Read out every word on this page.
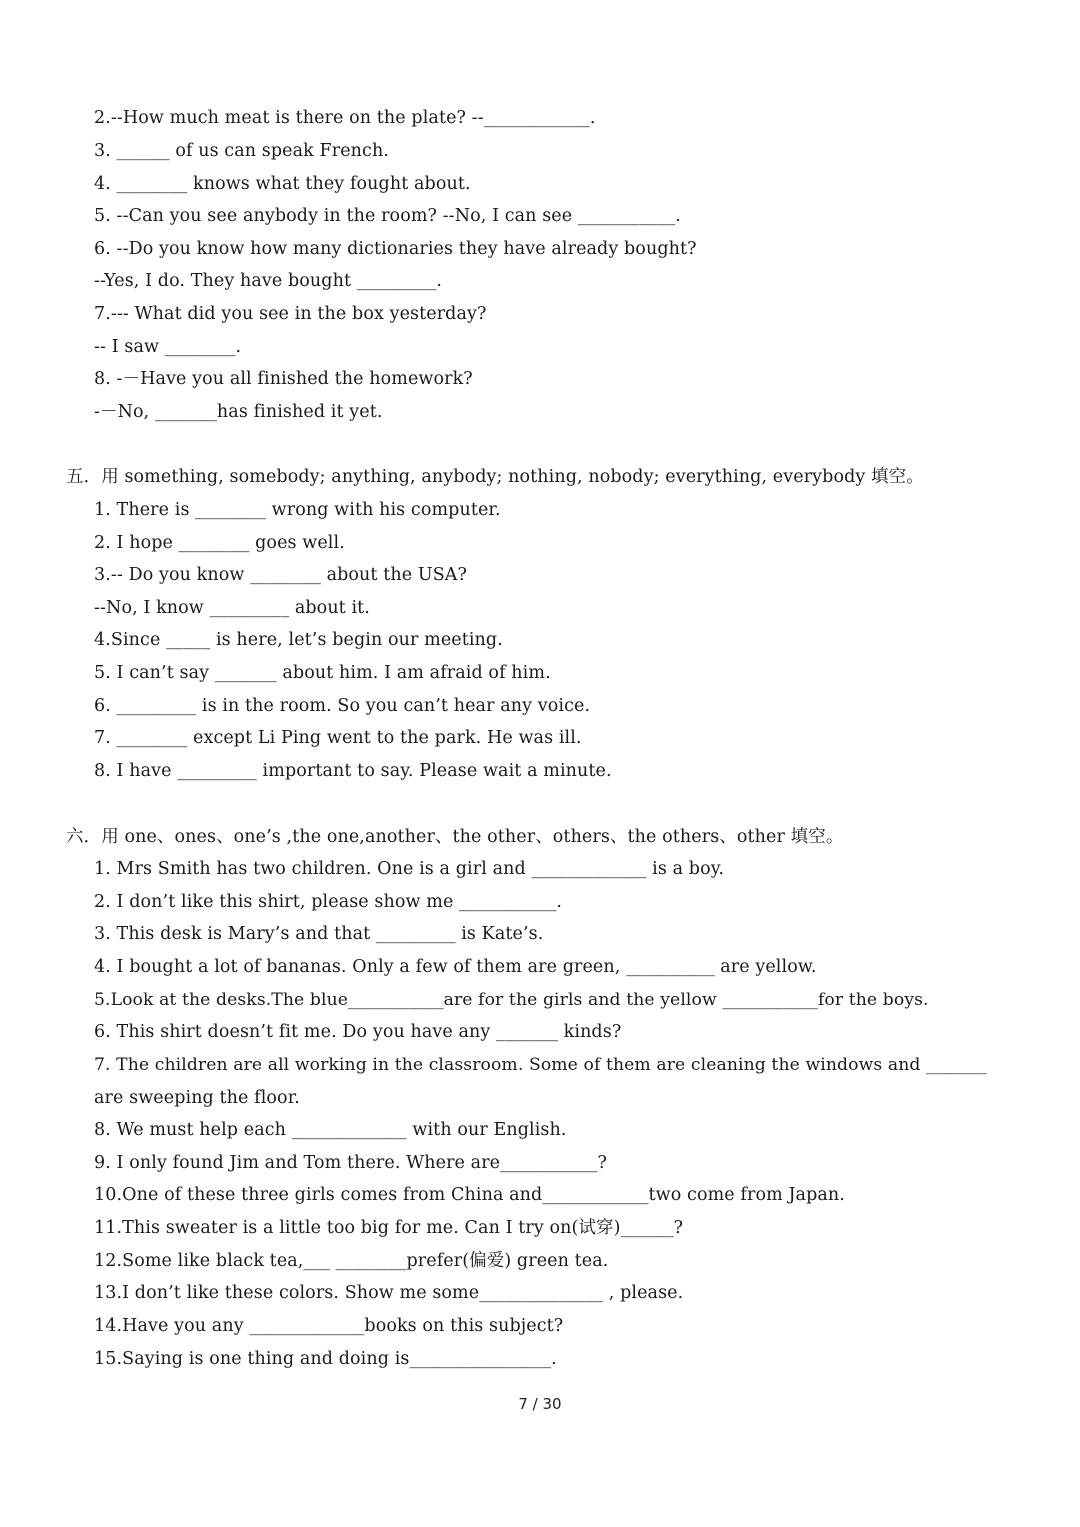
2.--How much meat is there on the plate? --____________.
3. ______ of us can speak French.
4. ________ knows what they fought about.
5. --Can you see anybody in the room? --No, I can see ___________.
6. --Do you know how many dictionaries they have already bought?
--Yes, I do. They have bought _________.
7.--- What did you see in the box yesterday?
-- I saw ________.
8. -－Have you all finished the homework?
-－No, _______has finished it yet.
五．用 something, somebody; anything, anybody; nothing, nobody; everything, everybody 填空。
1. There is ________ wrong with his computer.
2. I hope ________ goes well.
3.-- Do you know ________ about the USA?
--No, I know _________ about it.
4.Since _____ is here, let’s begin our meeting.
5. I can’t say _______ about him. I am afraid of him.
6. _________ is in the room. So you can’t hear any voice.
7. ________ except Li Ping went to the park. He was ill.
8. I have _________ important to say. Please wait a minute.
六．用 one、ones、one’s ,the one,another、the other、others、the others、other 填空。
1. Mrs Smith has two children. One is a girl and _____________ is a boy.
2. I don’t like this shirt, please show me ___________.
3. This desk is Mary’s and that _________ is Kate’s.
4. I bought a lot of bananas. Only a few of them are green, __________ are yellow.
5.Look at the desks.The blue___________are for the girls and the yellow ___________for the boys.
6. This shirt doesn’t fit me. Do you have any _______ kinds?
7. The children are all working in the classroom. Some of them are cleaning the windows and _______
are sweeping the floor.
8. We must help each _____________ with our English.
9. I only found Jim and Tom there. Where are___________?
10.One of these three girls comes from China and____________two come from Japan.
11.This sweater is a little too big for me. Can I try on(试穿)______?
12.Some like black tea,___ ________prefer(偏爱) green tea.
13.I don’t like these colors. Show me some______________ , please.
14.Have you any _____________books on this subject?
15.Saying is one thing and doing is________________.
7 / 30
